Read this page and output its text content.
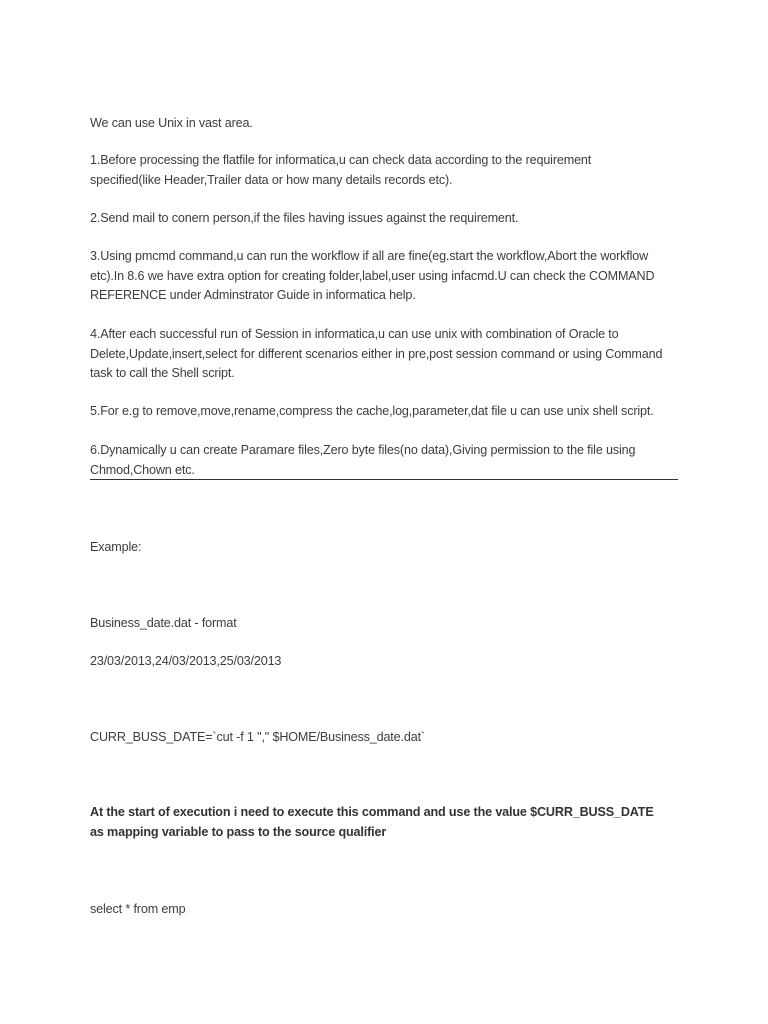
We can use Unix in vast area.
1.Before processing the flatfile for informatica,u can check data according to the requirement
specified(like Header,Trailer data or how many details records etc).
2.Send mail to conern person,if the files having issues against the requirement.
3.Using pmcmd command,u can run the workflow if all are fine(eg.start the workflow,Abort the workflow
etc).In 8.6 we have extra option for creating folder,label,user using infacmd.U can check the COMMAND
REFERENCE under Adminstrator Guide in informatica help.
4.After each successful run of Session in informatica,u can use unix with combination of Oracle to
Delete,Update,insert,select for different scenarios either in pre,post session command or using Command
task to call the Shell script.
5.For e.g to remove,move,rename,compress the cache,log,parameter,dat file u can use unix shell script.
6.Dynamically u can create Paramare files,Zero byte files(no data),Giving permission to the file using
Chmod,Chown etc.
Example:
Business_date.dat - format
23/03/2013,24/03/2013,25/03/2013
CURR_BUSS_DATE=`cut -f 1 "," $HOME/Business_date.dat`
At the start of execution i need to execute this command and use the value $CURR_BUSS_DATE
as mapping variable to pass to the source qualifier
select * from emp
